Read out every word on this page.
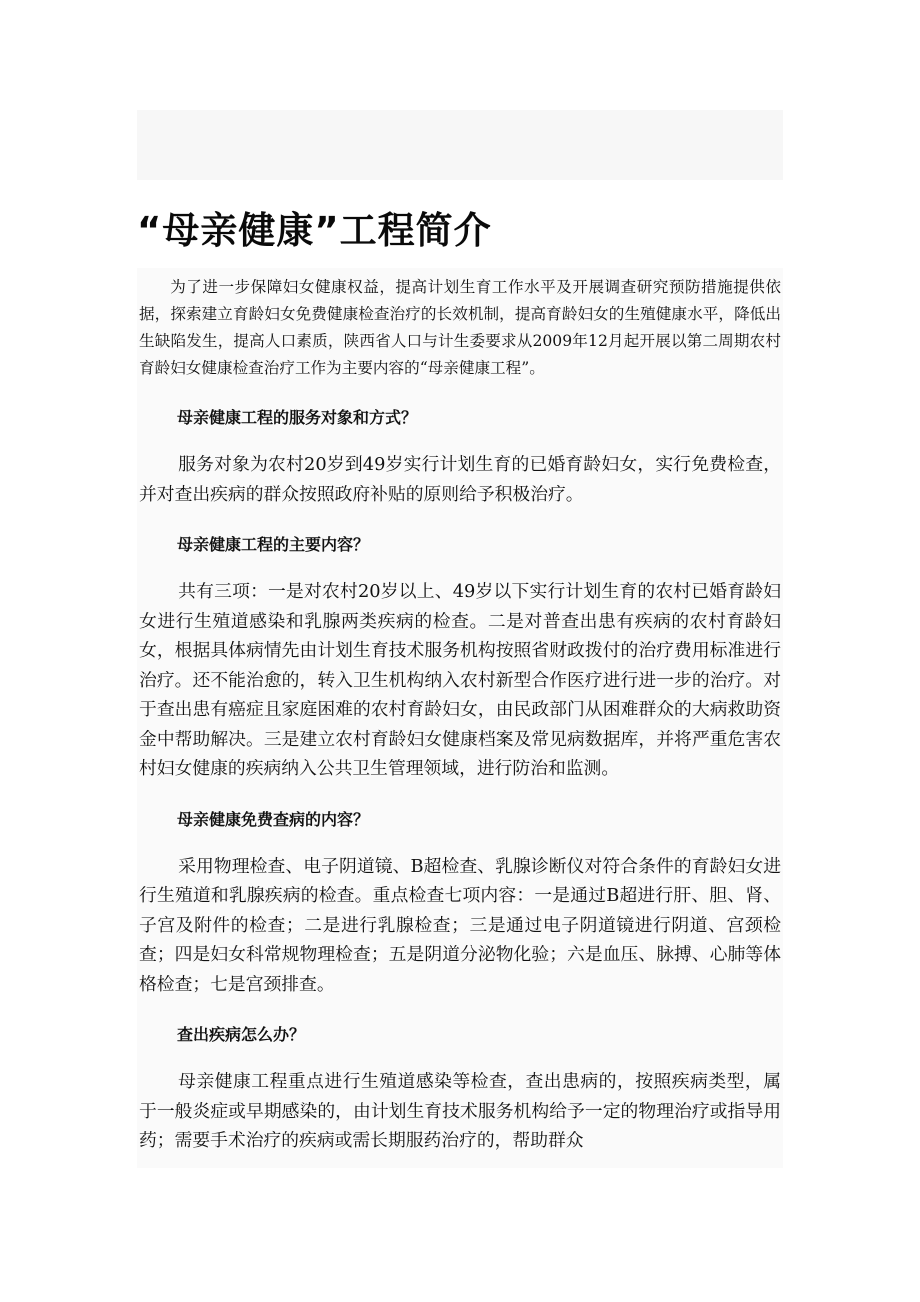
“母亲健康”工程简介

为了进一步保障妇女健康权益，提高计划生育工作水平及开展调查研究预防措施提供依据，探索建立育龄妇女免费健康检查治疗的长效机制，提高育龄妇女的生殖健康水平，降低出生缺陷发生，提高人口素质，陕西省人口与计生委要求从2009年12月起开展以第二周期农村育龄妇女健康检查治疗工作为主要内容的“母亲健康工程”。

母亲健康工程的服务对象和方式？

服务对象为农村20岁到49岁实行计划生育的已婚育龄妇女，实行免费检查，并对查出疾病的群众按照政府补贴的原则给予积极治疗。

母亲健康工程的主要内容？

共有三项：一是对农村20岁以上、49岁以下实行计划生育的农村已婚育龄妇女进行生殖道感染和乳腺两类疾病的检查。二是对普查出患有疾病的农村育龄妇女，根据具体病情先由计划生育技术服务机构按照省财政拨付的治疗费用标准进行治疗。还不能治愈的，转入卫生机构纳入农村新型合作医疗进行进一步的治疗。对于查出患有癌症且家庭困难的农村育龄妇女，由民政部门从困难群众的大病救助资金中帮助解决。三是建立农村育龄妇女健康档案及常见病数据库，并将严重危害农村妇女健康的疾病纳入公共卫生管理领域，进行防治和监测。

母亲健康免费查病的内容？

采用物理检查、电子阴道镜、B超检查、乳腺诊断仪对符合条件的育龄妇女进行生殖道和乳腺疾病的检查。重点检查七项内容：一是通过B超进行肝、胆、肾、子宫及附件的检查；二是进行乳腺检查；三是通过电子阴道镜进行阴道、宫颈检查；四是妇女科常规物理检查；五是阴道分泌物化验；六是血压、脉搏、心肺等体格检查；七是宫颈排查。

查出疾病怎么办？

母亲健康工程重点进行生殖道感染等检查，查出患病的，按照疾病类型，属于一般炎症或早期感染的，由计划生育技术服务机构给予一定的物理治疗或指导用药；需要手术治疗的疾病或需长期服药治疗的，帮助群众
